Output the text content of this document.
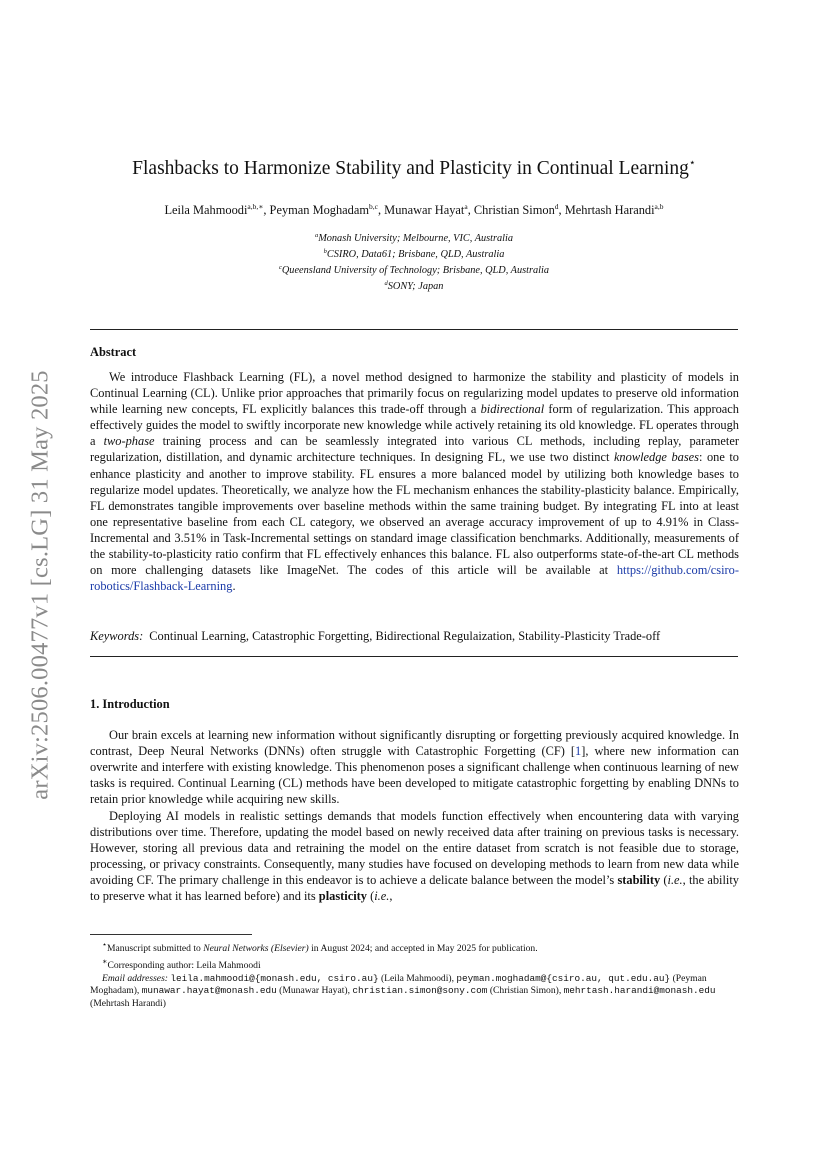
arXiv:2506.00477v1 [cs.LG] 31 May 2025
Flashbacks to Harmonize Stability and Plasticity in Continual Learning⋆
Leila Mahmoodi$^{a,b,∗}$, Peyman Moghadam$^{b,c}$, Munawar Hayat$^a$, Christian Simon$^d$, Mehrtash Harandi$^{a,b}$
$^a$Monash University; Melbourne, VIC, Australia
$^b$CSIRO, Data61; Brisbane, QLD, Australia
$^c$Queensland University of Technology; Brisbane, QLD, Australia
$^d$SONY; Japan
Abstract

We introduce Flashback Learning (FL), a novel method designed to harmonize the stability and plasticity of models in Continual Learning (CL). Unlike prior approaches that primarily focus on regularizing model updates to preserve old information while learning new concepts, FL explicitly balances this trade-off through a bidirectional form of regularization. This approach effectively guides the model to swiftly incorporate new knowledge while actively retaining its old knowledge. FL operates through a two-phase training process and can be seamlessly integrated into various CL methods, including replay, parameter regularization, distillation, and dynamic architecture techniques. In designing FL, we use two distinct knowledge bases: one to enhance plasticity and another to improve stability. FL ensures a more balanced model by utilizing both knowledge bases to regularize model updates. Theoretically, we analyze how the FL mechanism enhances the stability-plasticity balance. Empirically, FL demonstrates tangible improvements over baseline methods within the same training budget. By integrating FL into at least one representative baseline from each CL category, we observed an average accuracy improvement of up to 4.91% in Class-Incremental and 3.51% in Task-Incremental settings on standard image classification benchmarks. Additionally, measurements of the stability-to-plasticity ratio confirm that FL effectively enhances this balance. FL also outperforms state-of-the-art CL methods on more challenging datasets like ImageNet. The codes of this article will be available at https://github.com/csiro-robotics/Flashback-Learning.

Keywords: Continual Learning, Catastrophic Forgetting, Bidirectional Regulaization, Stability-Plasticity Trade-off
1. Introduction

Our brain excels at learning new information without significantly disrupting or forgetting previously acquired knowledge. In contrast, Deep Neural Networks (DNNs) often struggle with Catastrophic Forgetting (CF) [1], where new information can overwrite and interfere with existing knowledge. This phenomenon poses a significant challenge when continuous learning of new tasks is required. Continual Learning (CL) methods have been developed to mitigate catastrophic forgetting by enabling DNNs to retain prior knowledge while acquiring new skills.

Deploying AI models in realistic settings demands that models function effectively when encountering data with varying distributions over time. Therefore, updating the model based on newly received data after training on previous tasks is necessary. However, storing all previous data and retraining the model on the entire dataset from scratch is not feasible due to storage, processing, or privacy constraints. Consequently, many studies have focused on developing methods to learn from new data while avoiding CF. The primary challenge in this endeavor is to achieve a delicate balance between the model’s stability (i.e., the ability to preserve what it has learned before) and its plasticity (i.e.,

⋆Manuscript submitted to Neural Networks (Elsevier) in August 2024; and accepted in May 2025 for publication.

∗Corresponding author: Leila Mahmoodi

Email addresses: leila.mahmoodi@{monash.edu, csiro.au} (Leila Mahmoodi), peyman.moghadam@{csiro.au, qut.edu.au} (Peyman Moghadam), munawar.hayat@monash.edu (Munawar Hayat), christian.simon@sony.com (Christian Simon), mehrtash.harandi@monash.edu (Mehrtash Harandi)
